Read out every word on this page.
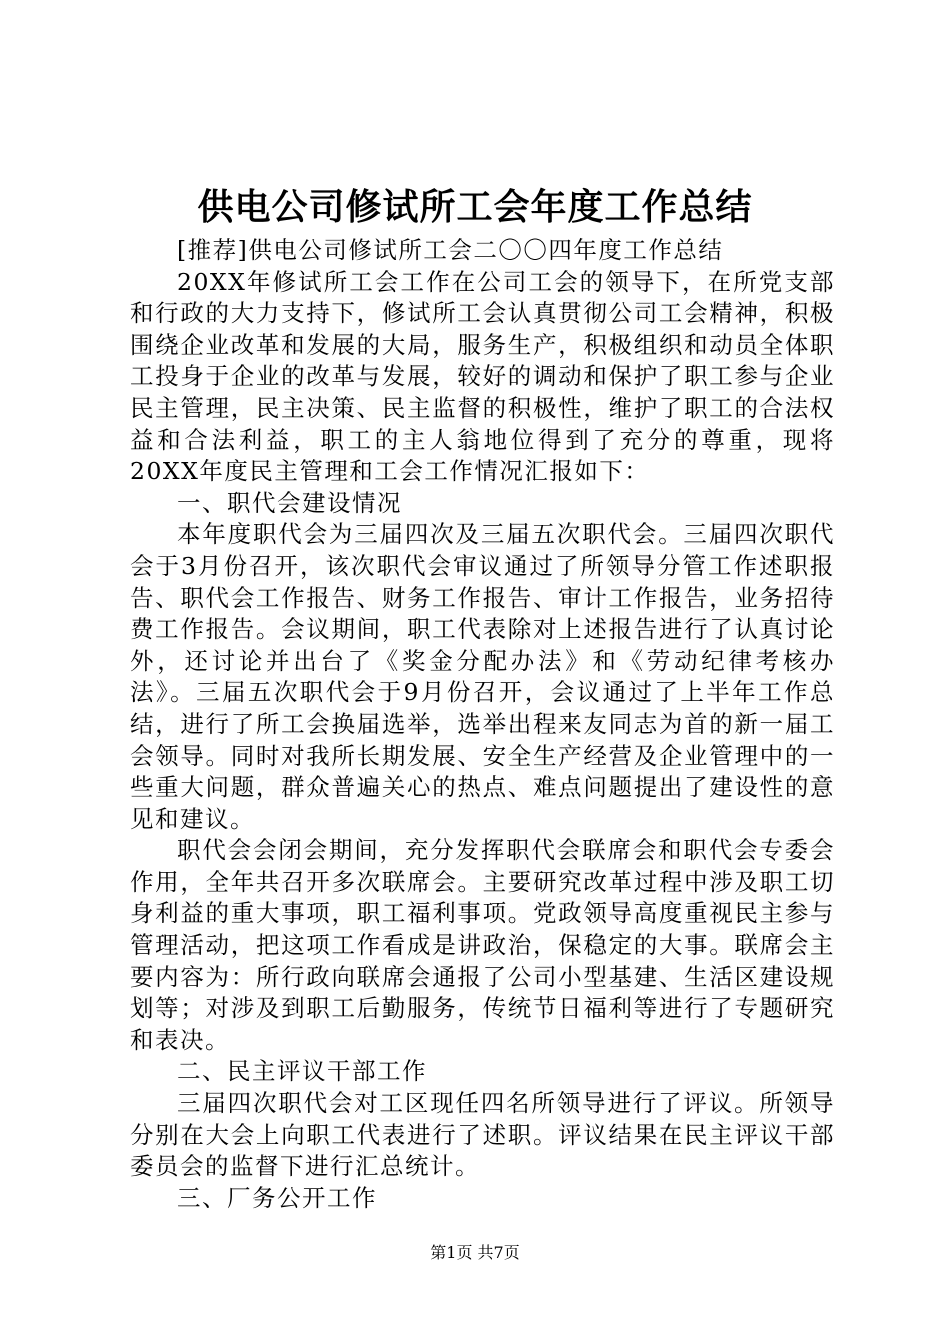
供电公司修试所工会年度工作总结

[推荐]供电公司修试所工会二〇〇四年度工作总结

20XX年修试所工会工作在公司工会的领导下，在所党支部和行政的大力支持下，修试所工会认真贯彻公司工会精神，积极围绕企业改革和发展的大局，服务生产，积极组织和动员全体职工投身于企业的改革与发展，较好的调动和保护了职工参与企业民主管理，民主决策、民主监督的积极性，维护了职工的合法权益和合法利益，职工的主人翁地位得到了充分的尊重，现将20XX年度民主管理和工会工作情况汇报如下：

一、职代会建设情况

本年度职代会为三届四次及三届五次职代会。三届四次职代会于3月份召开，该次职代会审议通过了所领导分管工作述职报告、职代会工作报告、财务工作报告、审计工作报告，业务招待费工作报告。会议期间，职工代表除对上述报告进行了认真讨论外，还讨论并出台了《奖金分配办法》和《劳动纪律考核办法》。三届五次职代会于9月份召开，会议通过了上半年工作总结，进行了所工会换届选举，选举出程来友同志为首的新一届工会领导。同时对我所长期发展、安全生产经营及企业管理中的一些重大问题，群众普遍关心的热点、难点问题提出了建设性的意见和建议。

职代会会闭会期间，充分发挥职代会联席会和职代会专委会作用，全年共召开多次联席会。主要研究改革过程中涉及职工切身利益的重大事项，职工福利事项。党政领导高度重视民主参与管理活动，把这项工作看成是讲政治，保稳定的大事。联席会主要内容为：所行政向联席会通报了公司小型基建、生活区建设规划等；对涉及到职工后勤服务，传统节日福利等进行了专题研究和表决。

二、民主评议干部工作

三届四次职代会对工区现任四名所领导进行了评议。所领导分别在大会上向职工代表进行了述职。评议结果在民主评议干部委员会的监督下进行汇总统计。

三、厂务公开工作

第1页 共7页
